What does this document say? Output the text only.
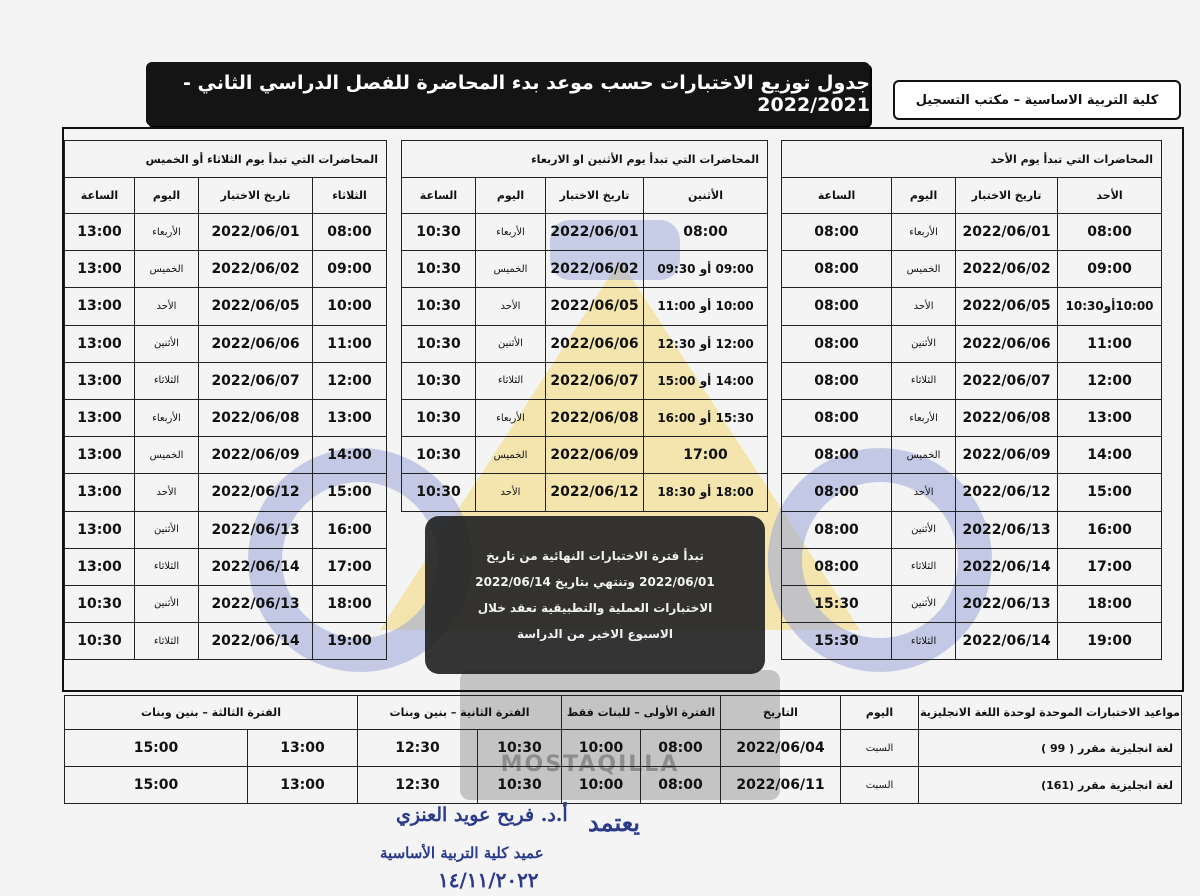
MOSTAQILLA
جدول توزيع الاختبارات حسب موعد بدء المحاضرة للفصل الدراسي الثاني - 2022/2021	كلية التربية الاساسية – مكتب التسجيل
المحاضرات التي تبدأ يوم الأحد			
الأحد	تاريخ الاختبار	اليوم	الساعة
08:00	2022/06/01	الأربعاء	08:00
09:00	2022/06/02	الخميس	08:00
10:00أو10:30	2022/06/05	الأحد	08:00
11:00	2022/06/06	الأثنين	08:00
12:00	2022/06/07	الثلاثاء	08:00
13:00	2022/06/08	الأربعاء	08:00
14:00	2022/06/09	الخميس	08:00
15:00	2022/06/12	الأحد	08:00
16:00	2022/06/13	الأثنين	08:00
17:00	2022/06/14	الثلاثاء	08:00
18:00	2022/06/13	الأثنين	15:30
19:00	2022/06/14	الثلاثاء	15:30
المحاضرات التي تبدأ يوم الأثنين او الاربعاء			
الأثنين	تاريخ الاختبار	اليوم	الساعة
08:00	2022/06/01	الأربعاء	10:30
09:00 أو 09:30	2022/06/02	الخميس	10:30
10:00 أو 11:00	2022/06/05	الأحد	10:30
12:00 أو 12:30	2022/06/06	الأثنين	10:30
14:00 أو 15:00	2022/06/07	الثلاثاء	10:30
15:30 أو 16:00	2022/06/08	الأربعاء	10:30
17:00	2022/06/09	الخميس	10:30
18:00 أو 18:30	2022/06/12	الأحد	10:30
المحاضرات التي تبدأ يوم الثلاثاء أو الخميس			
الثلاثاء	تاريخ الاختبار	اليوم	الساعة
08:00	2022/06/01	الأربعاء	13:00
09:00	2022/06/02	الخميس	13:00
10:00	2022/06/05	الأحد	13:00
11:00	2022/06/06	الأثنين	13:00
12:00	2022/06/07	الثلاثاء	13:00
13:00	2022/06/08	الأربعاء	13:00
14:00	2022/06/09	الخميس	13:00
15:00	2022/06/12	الأحد	13:00
16:00	2022/06/13	الأثنين	13:00
17:00	2022/06/14	الثلاثاء	13:00
18:00	2022/06/13	الأثنين	10:30
19:00	2022/06/14	الثلاثاء	10:30
تبدأ فترة الاختبارات النهائية من تاريخ
2022/06/01 وتنتهي بتاريخ 2022/06/14
الاختبارات العملية والتطبيقية تعقد خلال
الاسبوع الاخير من الدراسة
مواعيد الاختبارات الموحدة لوحدة اللغة الانجليزية	اليوم	التاريخ	الفترة الأولى – للبنات فقط		الفترة الثانية – بنين وبنات		الفترة الثالثة – بنين وبنات	
لغة انجليزية مقرر ( 99 )	السبت	2022/06/04	08:00	10:00	10:30	12:30	13:00	15:00
لغة انجليزية مقرر (161)	السبت	2022/06/11	08:00	10:00	10:30	12:30	13:00	15:00
أ.د. فريح عويد العنزي
عميد كلية التربية الأساسية
يعتمد
١٤/١١/٢٠٢٢
